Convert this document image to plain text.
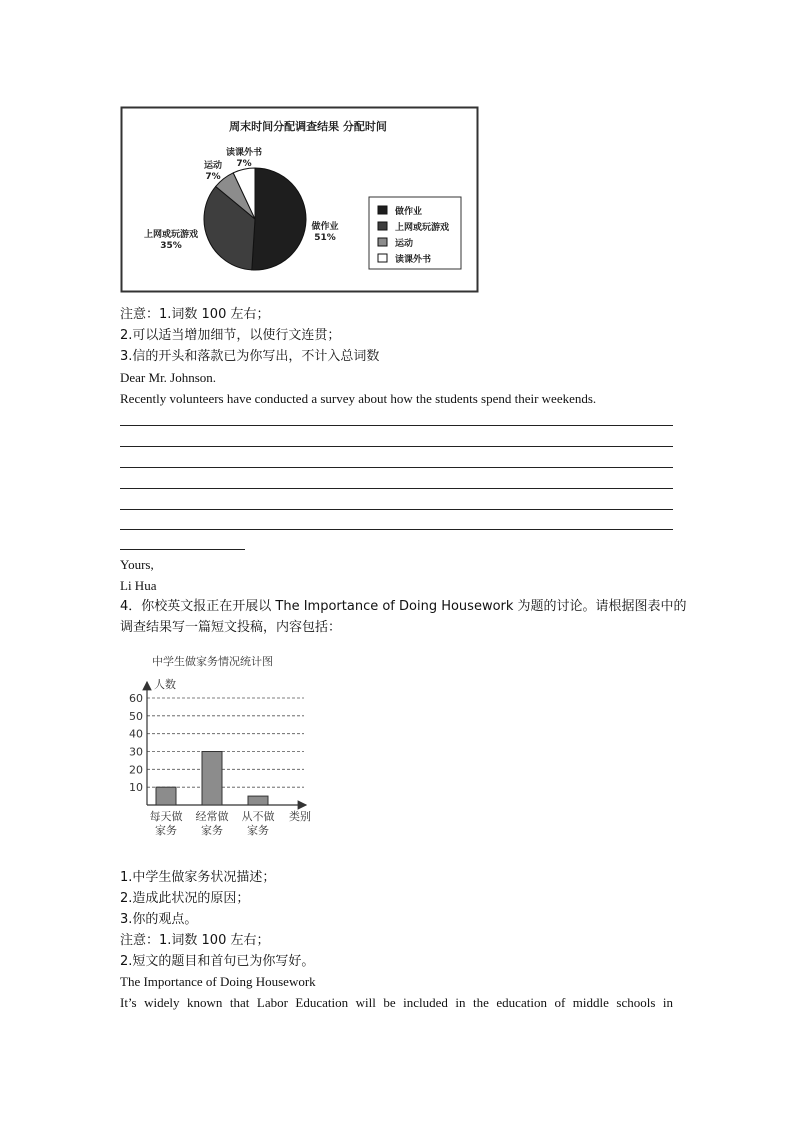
周末时间分配调查结果 分配时间
做作业
51%
上网或玩游戏
35%
运动
7%
读课外书
7%
做作业
上网或玩游戏
运动
读课外书
注意：1.词数 100 左右；
2.可以适当增加细节，以使行文连贯；
3.信的开头和落款已为你写出，不计入总词数
Dear Mr. Johnson.
Recently volunteers have conducted a survey about how the students spend their weekends.
Yours,
Li Hua
4．你校英文报正在开展以 The Importance of Doing Housework 为题的讨论。请根据图表中的
调查结果写一篇短文投稿，内容包括：
中学生做家务情况统计图
人数
10
20
30
40
50
60
每天做
家务
经常做
家务
从不做
家务
类别
1.中学生做家务状况描述；
2.造成此状况的原因；
3.你的观点。
注意：1.词数 100 左右；
2.短文的题目和首句已为你写好。
The Importance of Doing Housework
It’s widely known that Labor Education will be included in the education of middle schools in
